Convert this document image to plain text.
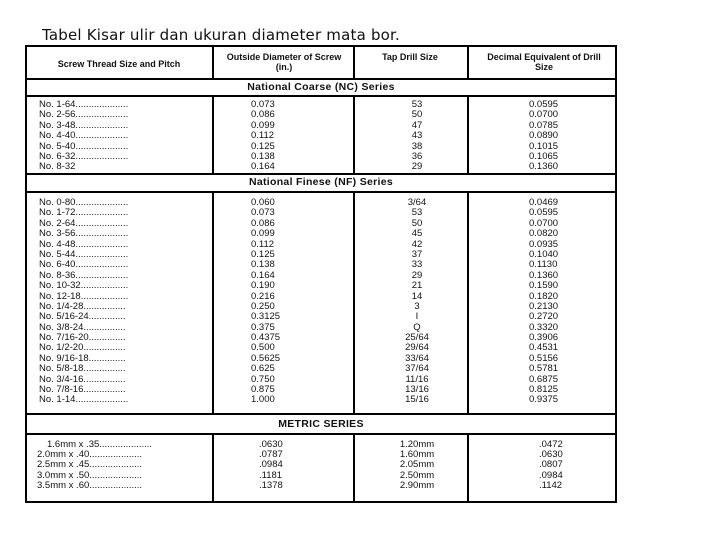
Tabel Kisar ulir dan ukuran diameter mata bor.
Screw Thread Size and Pitch
Outside Diameter of Screw (in.)
Tap Drill Size	Decimal Equivalent of Drill Size
National Coarse (NC) Series
No. 1-64....................
No. 2-56....................
No. 3-48....................
No. 4-40....................
No. 5-40....................
No. 6-32....................
No. 8-32
0.073
0.086
0.099
0.112
0.125
0.138
0.164
53
50
47
43
38
36
29
0.0595
0.0700
0.0785
0.0890
0.1015
0.1065
0.1360
National Finese (NF) Series
No. 0-80....................
No. 1-72....................
No. 2-64....................
No. 3-56....................
No. 4-48....................
No. 5-44....................
No. 6-40....................
No. 8-36....................
No. 10-32..................
No. 12-18..................
No. 1/4-28................
No. 5/16-24..............
No. 3/8-24................
No. 7/16-20..............
No. 1/2-20................
No. 9/16-18..............
No. 5/8-18................
No. 3/4-16................
No. 7/8-16................
No. 1-14....................
0.060
0.073
0.086
0.099
0.112
0.125
0.138
0.164
0.190
0.216
0.250
0.3125
0.375
0.4375
0.500
0.5625
0.625
0.750
0.875
1.000
3/64
53
50
45
42
37
33
29
21
14
3
I
Q
25/64
29/64
33/64
37/64
11/16
13/16
15/16
0.0469
0.0595
0.0700
0.0820
0.0935
0.1040
0.1130
0.1360
0.1590
0.1820
0.2130
0.2720
0.3320
0.3906
0.4531
0.5156
0.5781
0.6875
0.8125
0.9375
METRIC SERIES
1.6mm x .35....................
2.0mm x .40....................
2.5mm x .45....................
3.0mm x .50....................
3.5mm x .60....................
.0630
.0787
.0984
.1181
.1378
1.20mm
1.60mm
2.05mm
2.50mm
2.90mm
.0472
.0630
.0807
.0984
.1142
